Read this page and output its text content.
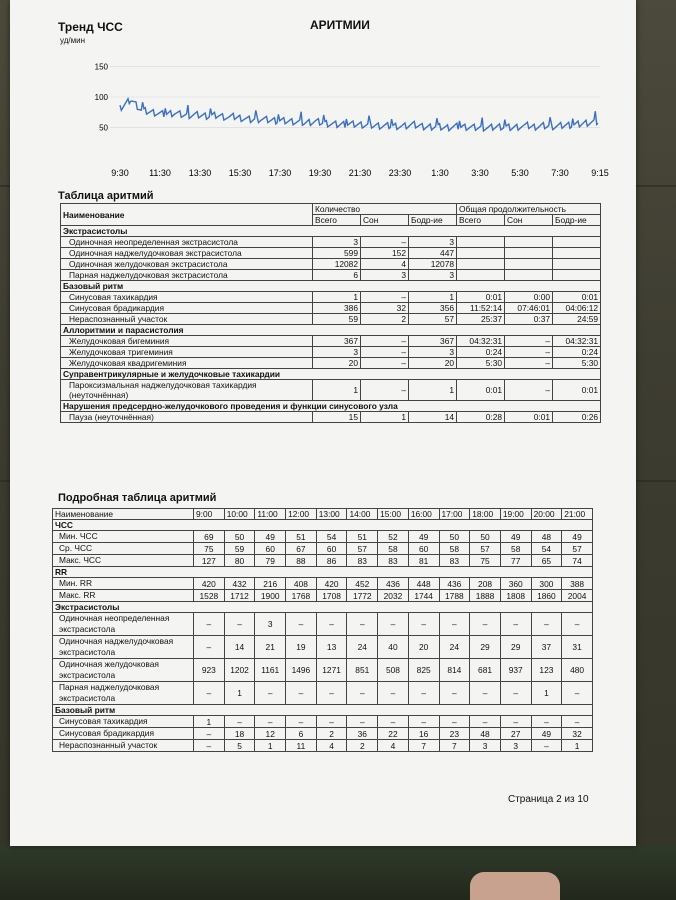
Тренд ЧСС
уд/мин
АРИТМИИ
150
100
50
9:30 11:30 13:30 15:30 17:30 19:30 21:30 23:30 1:30 3:30 5:30 7:30 9:15
Таблица аритмий
Наименование	Количество			Общая продолжительность		
	Всего	Сон	Бодр-ие	Всего	Сон	Бодр-ие
Экстрасистолы						
Одиночная неопределенная экстрасистола	3	–	3			
Одиночная наджелудочковая экстрасистола	599	152	447			
Одиночная желудочковая экстрасистола	12082	4	12078			
Парная наджелудочковая экстрасистола	6	3	3			
Базовый ритм						
Синусовая тахикардия	1	–	1	0:01	0:00	0:01
Синусовая брадикардия	386	32	356	11:52:14	07:46:01	04:06:12
Нераспознанный участок	59	2	57	25:37	0:37	24:59
Аллоритмии и парасистолия						
Желудочковая бигеминия	367	–	367	04:32:31	–	04:32:31
Желудочковая тригеминия	3	–	3	0:24	–	0:24
Желудочковая квадригеминия	20	–	20	5:30	–	5:30
Суправентрикулярные и желудочковые тахикардии						
Пароксизмальная наджелудочковая тахикардия (неуточнённая)	1	–	1	0:01	–	0:01
Нарушения предсердно-желудочкового проведения и функции синусового узла						
Пауза (неуточнённая)	15	1	14	0:28	0:01	0:26
Подробная таблица аритмий
Наименование	9:00	10:00	11:00	12:00	13:00	14:00	15:00	16:00	17:00	18:00	19:00	20:00	21:00
ЧСС													
Мин. ЧСС	69	50	49	51	54	51	52	49	50	50	49	48	49
Ср. ЧСС	75	59	60	67	60	57	58	60	58	57	58	54	57
Макс. ЧСС	127	80	79	88	86	83	83	81	83	75	77	65	74
RR													
Мин. RR	420	432	216	408	420	452	436	448	436	208	360	300	388
Макс. RR	1528	1712	1900	1768	1708	1772	2032	1744	1788	1888	1808	1860	2004
Экстрасистолы													
Одиночная неопределенная экстрасистола	–	–	3	–	–	–	–	–	–	–	–	–	–
Одиночная наджелудочковая экстрасистола	–	14	21	19	13	24	40	20	24	29	29	37	31
Одиночная желудочковая экстрасистола	923	1202	1161	1496	1271	851	508	825	814	681	937	123	480
Парная наджелудочковая экстрасистола	–	1	–	–	–	–	–	–	–	–	–	1	–
Базовый ритм													
Синусовая тахикардия	1	–	–	–	–	–	–	–	–	–	–	–	–
Синусовая брадикардия	–	18	12	6	2	36	22	16	23	48	27	49	32
Нераспознанный участок	–	5	1	11	4	2	4	7	7	3	3	–	1
Страница 2 из 10
